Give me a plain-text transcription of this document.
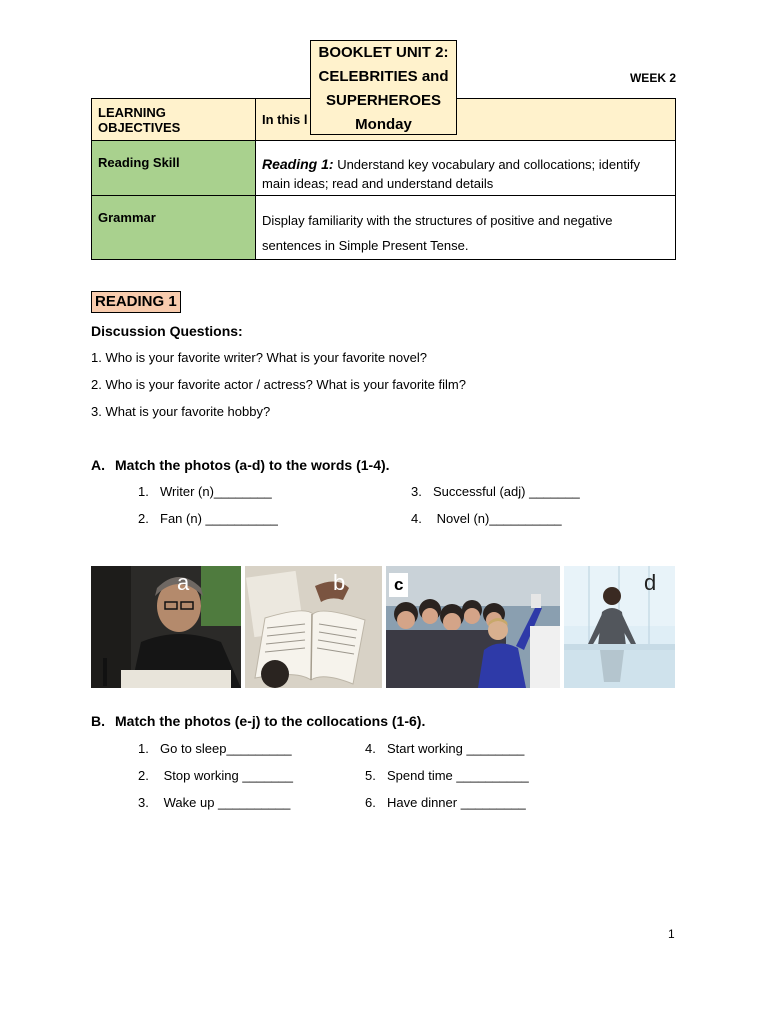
BOOKLET UNIT 2:
CELEBRITIES and
SUPERHEROES
Monday
WEEK 2
LEARNING OBJECTIVES	In this l
Reading Skill	Reading 1: Understand key vocabulary and collocations; identify main ideas; read and understand details
Grammar	Display familiarity with the structures of positive and negative sentences in Simple Present Tense.
READING 1
Discussion Questions:
1. Who is your favorite writer? What is your favorite novel?
2. Who is your favorite actor / actress? What is your favorite film?
3. What is your favorite hobby?
A. Match the photos (a-d) to the words (1-4).
1. Writer (n)________
2. Fan (n) __________
3. Successful (adj) _______
4. Novel (n)__________
a	b	c	d
B. Match the photos (e-j) to the collocations (1-6).
1. Go to sleep_________
2. Stop working _______
3. Wake up __________
4. Start working ________
5. Spend time __________
6. Have dinner _________
1
